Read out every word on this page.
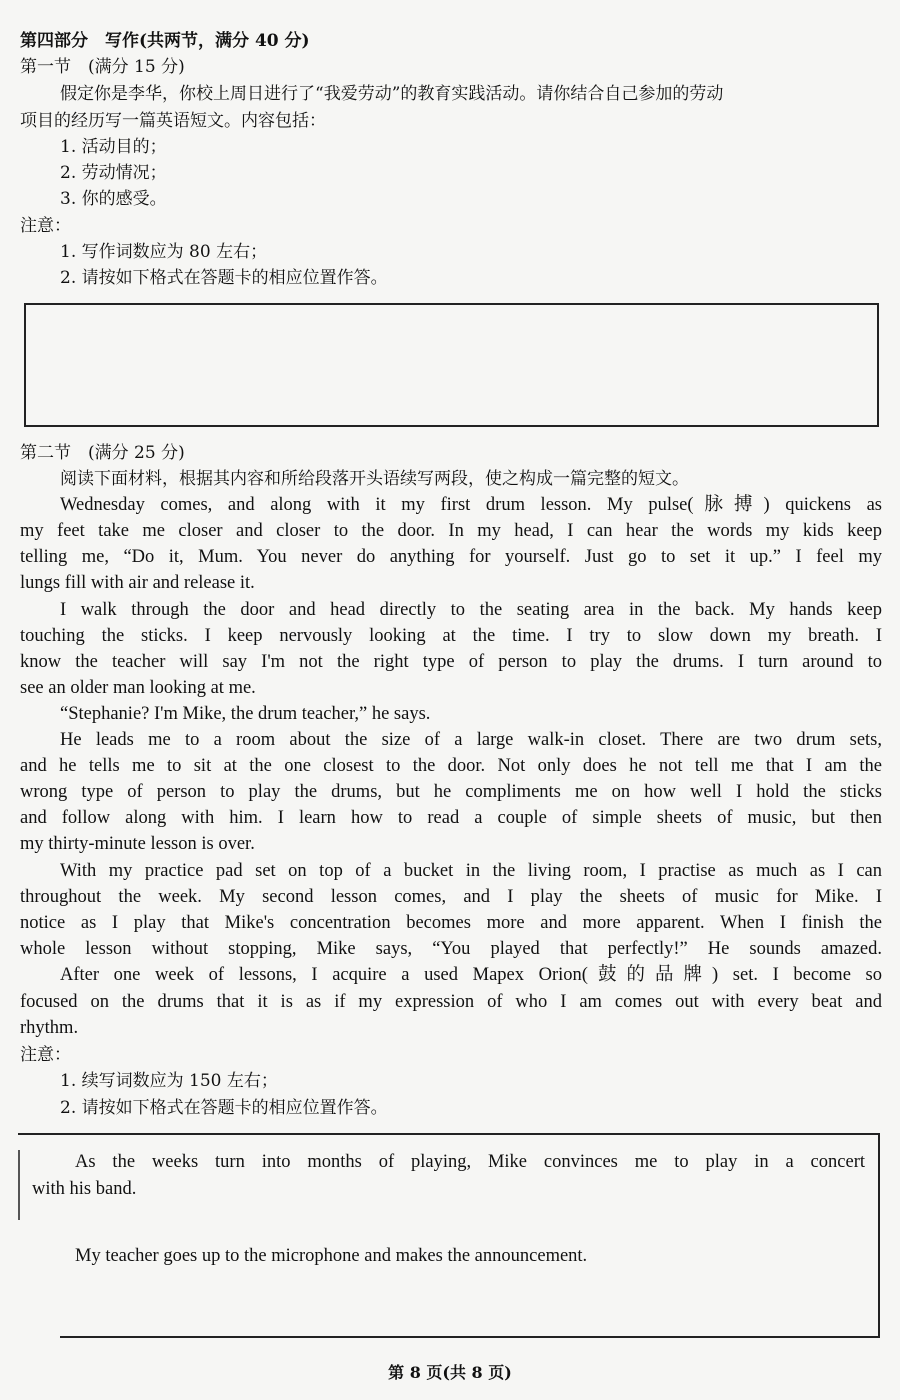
第四部分　写作(共两节，满分 40 分)
第一节　(满分 15 分)
假定你是李华，你校上周日进行了“我爱劳动”的教育实践活动。请你结合自己参加的劳动
项目的经历写一篇英语短文。内容包括：
1. 活动目的；
2. 劳动情况；
3. 你的感受。
注意：
1. 写作词数应为 80 左右；
2. 请按如下格式在答题卡的相应位置作答。
第二节　(满分 25 分)
阅读下面材料，根据其内容和所给段落开头语续写两段，使之构成一篇完整的短文。
Wednesday comes, and along with it my first drum lesson. My pulse(脉搏) quickens as
my feet take me closer and closer to the door. In my head, I can hear the words my kids keep
telling me, “Do it, Mum. You never do anything for yourself. Just go to set it up.” I feel my
lungs fill with air and release it.
I walk through the door and head directly to the seating area in the back. My hands keep
touching the sticks. I keep nervously looking at the time. I try to slow down my breath. I
know the teacher will say I'm not the right type of person to play the drums. I turn around to
see an older man looking at me.
“Stephanie? I'm Mike, the drum teacher,” he says.
He leads me to a room about the size of a large walk-in closet. There are two drum sets,
and he tells me to sit at the one closest to the door. Not only does he not tell me that I am the
wrong type of person to play the drums, but he compliments me on how well I hold the sticks
and follow along with him. I learn how to read a couple of simple sheets of music, but then
my thirty-minute lesson is over.
With my practice pad set on top of a bucket in the living room, I practise as much as I can
throughout the week. My second lesson comes, and I play the sheets of music for Mike. I
notice as I play that Mike's concentration becomes more and more apparent. When I finish the
whole lesson without stopping, Mike says, “You played that perfectly!” He sounds amazed.
After one week of lessons, I acquire a used Mapex Orion(鼓的品牌) set. I become so
focused on the drums that it is as if my expression of who I am comes out with every beat and
rhythm.
注意：
1. 续写词数应为 150 左右；
2. 请按如下格式在答题卡的相应位置作答。
As the weeks turn into months of playing, Mike convinces me to play in a concert
with his band.
My teacher goes up to the microphone and makes the announcement.
第 8 页(共 8 页)
